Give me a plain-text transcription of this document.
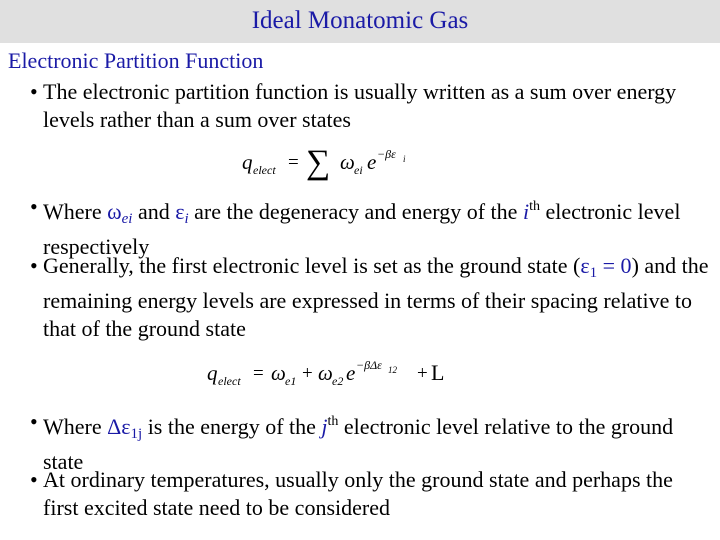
Ideal Monatomic Gas
Electronic Partition Function
• The electronic partition function is usually written as a sum over energy levels rather than a sum over states
q elect = ∑ ω ei e −βε i
• Where $\omega_{ei}$ and $\varepsilon_i$ are the degeneracy and energy of the $i^{th}$ electronic level respectively
• Generally, the first electronic level is set as the ground state $(\varepsilon_1 = 0)$ and the remaining energy levels are expressed in terms of their spacing relative to that of the ground state
q elect = ω e1 + ω e2 e −βΔε 12 + L
• Where $\Delta\varepsilon_{1j}$ is the energy of the $j^{th}$ electronic level relative to the ground state
• At ordinary temperatures, usually only the ground state and perhaps the first excited state need to be considered
